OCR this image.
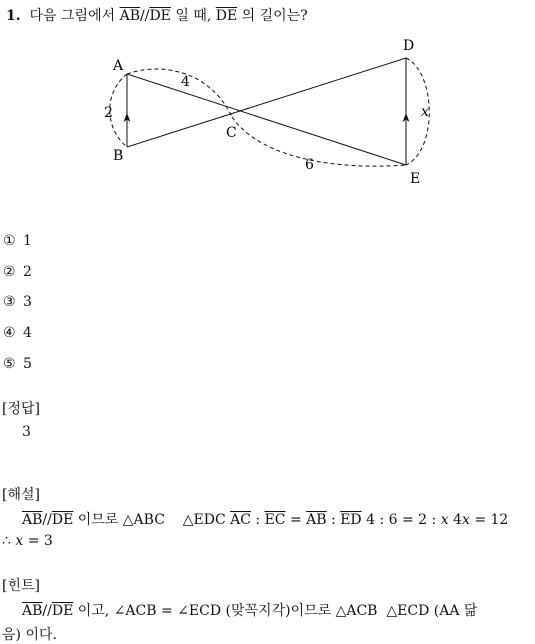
1. 다음 그림에서 $\overline{AB}//\overline{DE}$ 일 때, $\overline{DE}$ 의 길이는?
A
B
C
D
E
2
4
6
x
① 1
② 2
③ 3
④ 4
⑤ 5
[정답]
3
[해설]
$\overline{AB}//\overline{DE}$ 이므로 △ABC △EDC $\overline{AC}$ : $\overline{EC} = \overline{AB}$ : $\overline{ED}$ 4 : 6 = 2 : x 4x = 12
∴ x = 3
[힌트]
$\overline{AB}//\overline{DE}$ 이고, ∠ACB = ∠ECD (맞꼭지각)이므로 △ACB △ECD (AA 닮
음) 이다.
